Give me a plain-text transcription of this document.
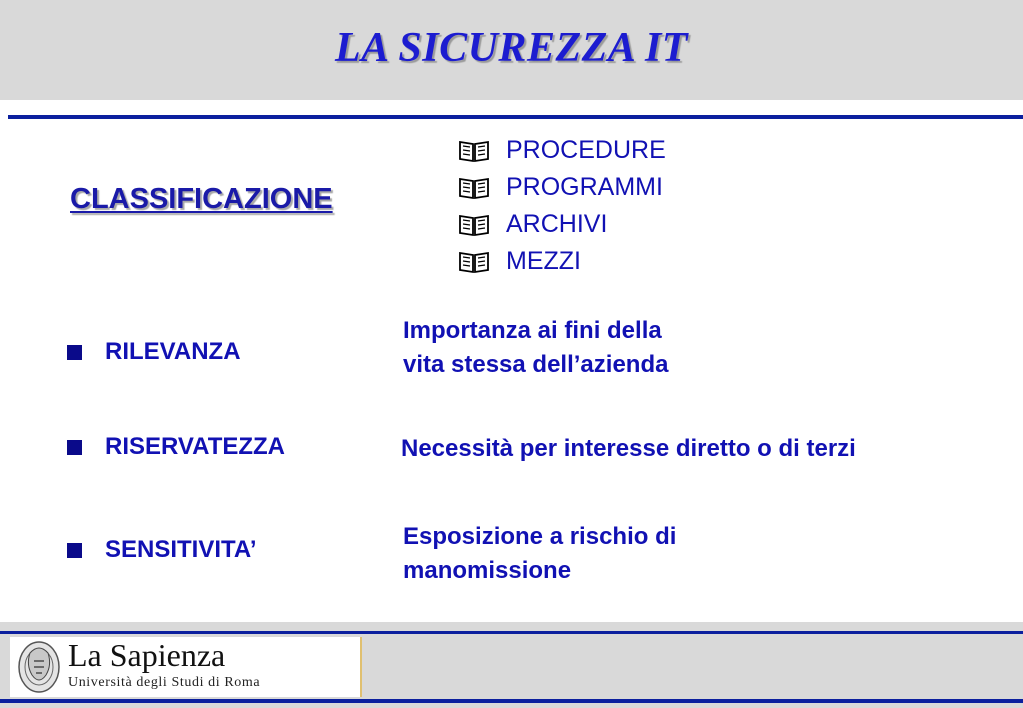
LA SICUREZZA IT
CLASSIFICAZIONE
PROCEDURE
PROGRAMMI
ARCHIVI
MEZZI
RILEVANZA
Importanza ai fini della
vita stessa dell’azienda
RISERVATEZZA	Necessità per interesse diretto o di terzi
SENSITIVITA’	Esposizione a rischio di
manomissione
La Sapienza
Università degli Studi di Roma
